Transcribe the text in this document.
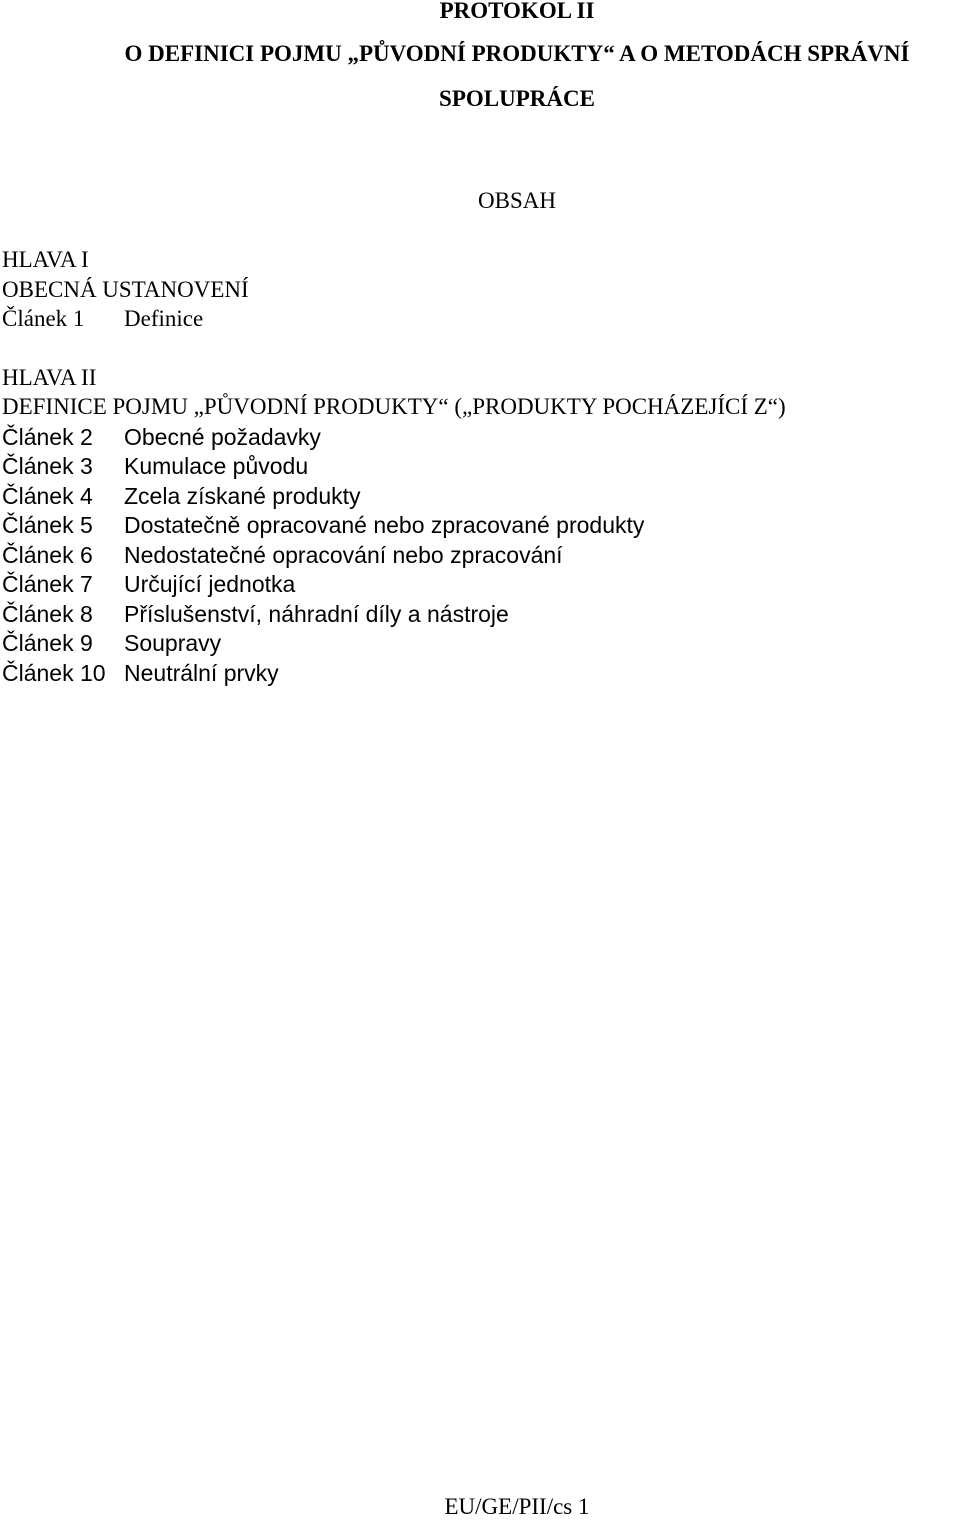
PROTOKOL II
O DEFINICI POJMU „PŮVODNÍ PRODUKTY“ A O METODÁCH SPRÁVNÍ
SPOLUPRÁCE
OBSAH
HLAVA I
OBECNÁ USTANOVENÍ
Článek 1 Definice
HLAVA II
DEFINICE POJMU „PŮVODNÍ PRODUKTY“ („PRODUKTY POCHÁZEJÍCÍ Z“)
Článek 2 Obecné požadavky
Článek 3 Kumulace původu
Článek 4 Zcela získané produkty
Článek 5 Dostatečně opracované nebo zpracované produkty
Článek 6 Nedostatečné opracování nebo zpracování
Článek 7 Určující jednotka
Článek 8 Příslušenství, náhradní díly a nástroje
Článek 9 Soupravy
Článek 10 Neutrální prvky
EU/GE/PII/cs 1
